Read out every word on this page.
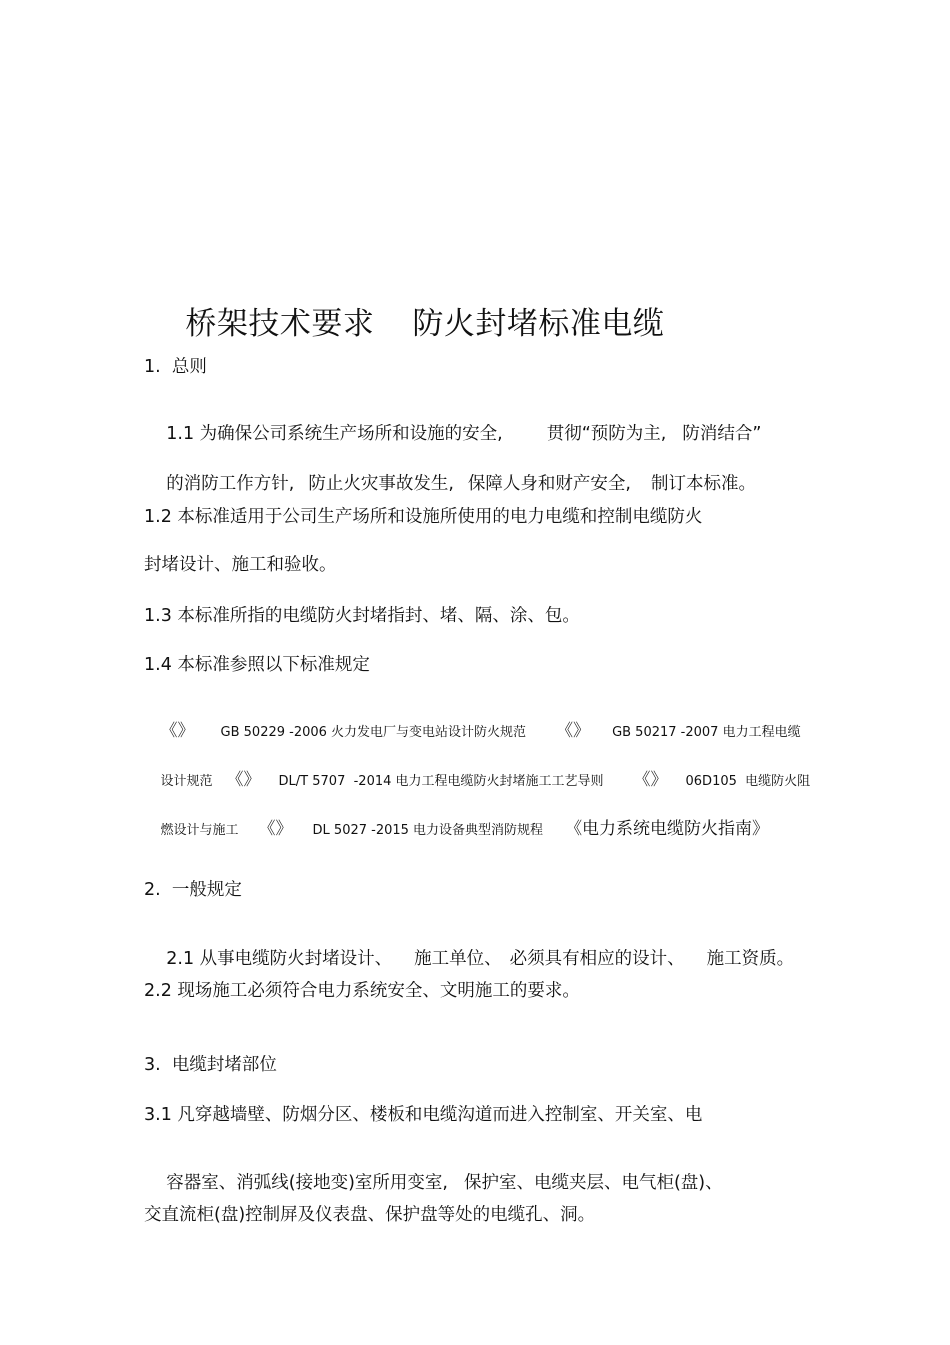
桥架技术要求 防火封堵标准电缆

1.  总则

1.1 为确保公司系统生产场所和设施的安全,	贯彻“预防为主, 防消结合”

的消防工作方针, 防止火灾事故发生, 保障人身和财产安全, 制订本标准。

1.2 本标准适用于公司生产场所和设施所使用的电力电缆和控制电缆防火
封堵设计、施工和验收。
1.3 本标准所指的电缆防火封堵指封、堵、隔、涂、包。
1.4 本标准参照以下标准规定

《》 GB 50229 -2006 火力发电厂与变电站设计防火规范 《》 GB 50217 -2007 电力工程电缆

设计规范 《》 DL/T 5707  -2014 电力工程电缆防火封堵施工工艺导则 《》 06D105  电缆防火阻

燃设计与施工 《》 DL 5027 -2015 电力设备典型消防规程 《电力系统电缆防火指南》

2.  一般规定

2.1 从事电缆防火封堵设计、 施工单位、 必须具有相应的设计、 施工资质。

2.2 现场施工必须符合电力系统安全、文明施工的要求。
3.  电缆封堵部位
3.1 凡穿越墙壁、防烟分区、楼板和电缆沟道而进入控制室、开关室、电

容器室、消弧线(接地变)室所用变室, 保护室、电缆夹层、电气柜(盘)、

交直流柜(盘)控制屏及仪表盘、保护盘等处的电缆孔、洞。
